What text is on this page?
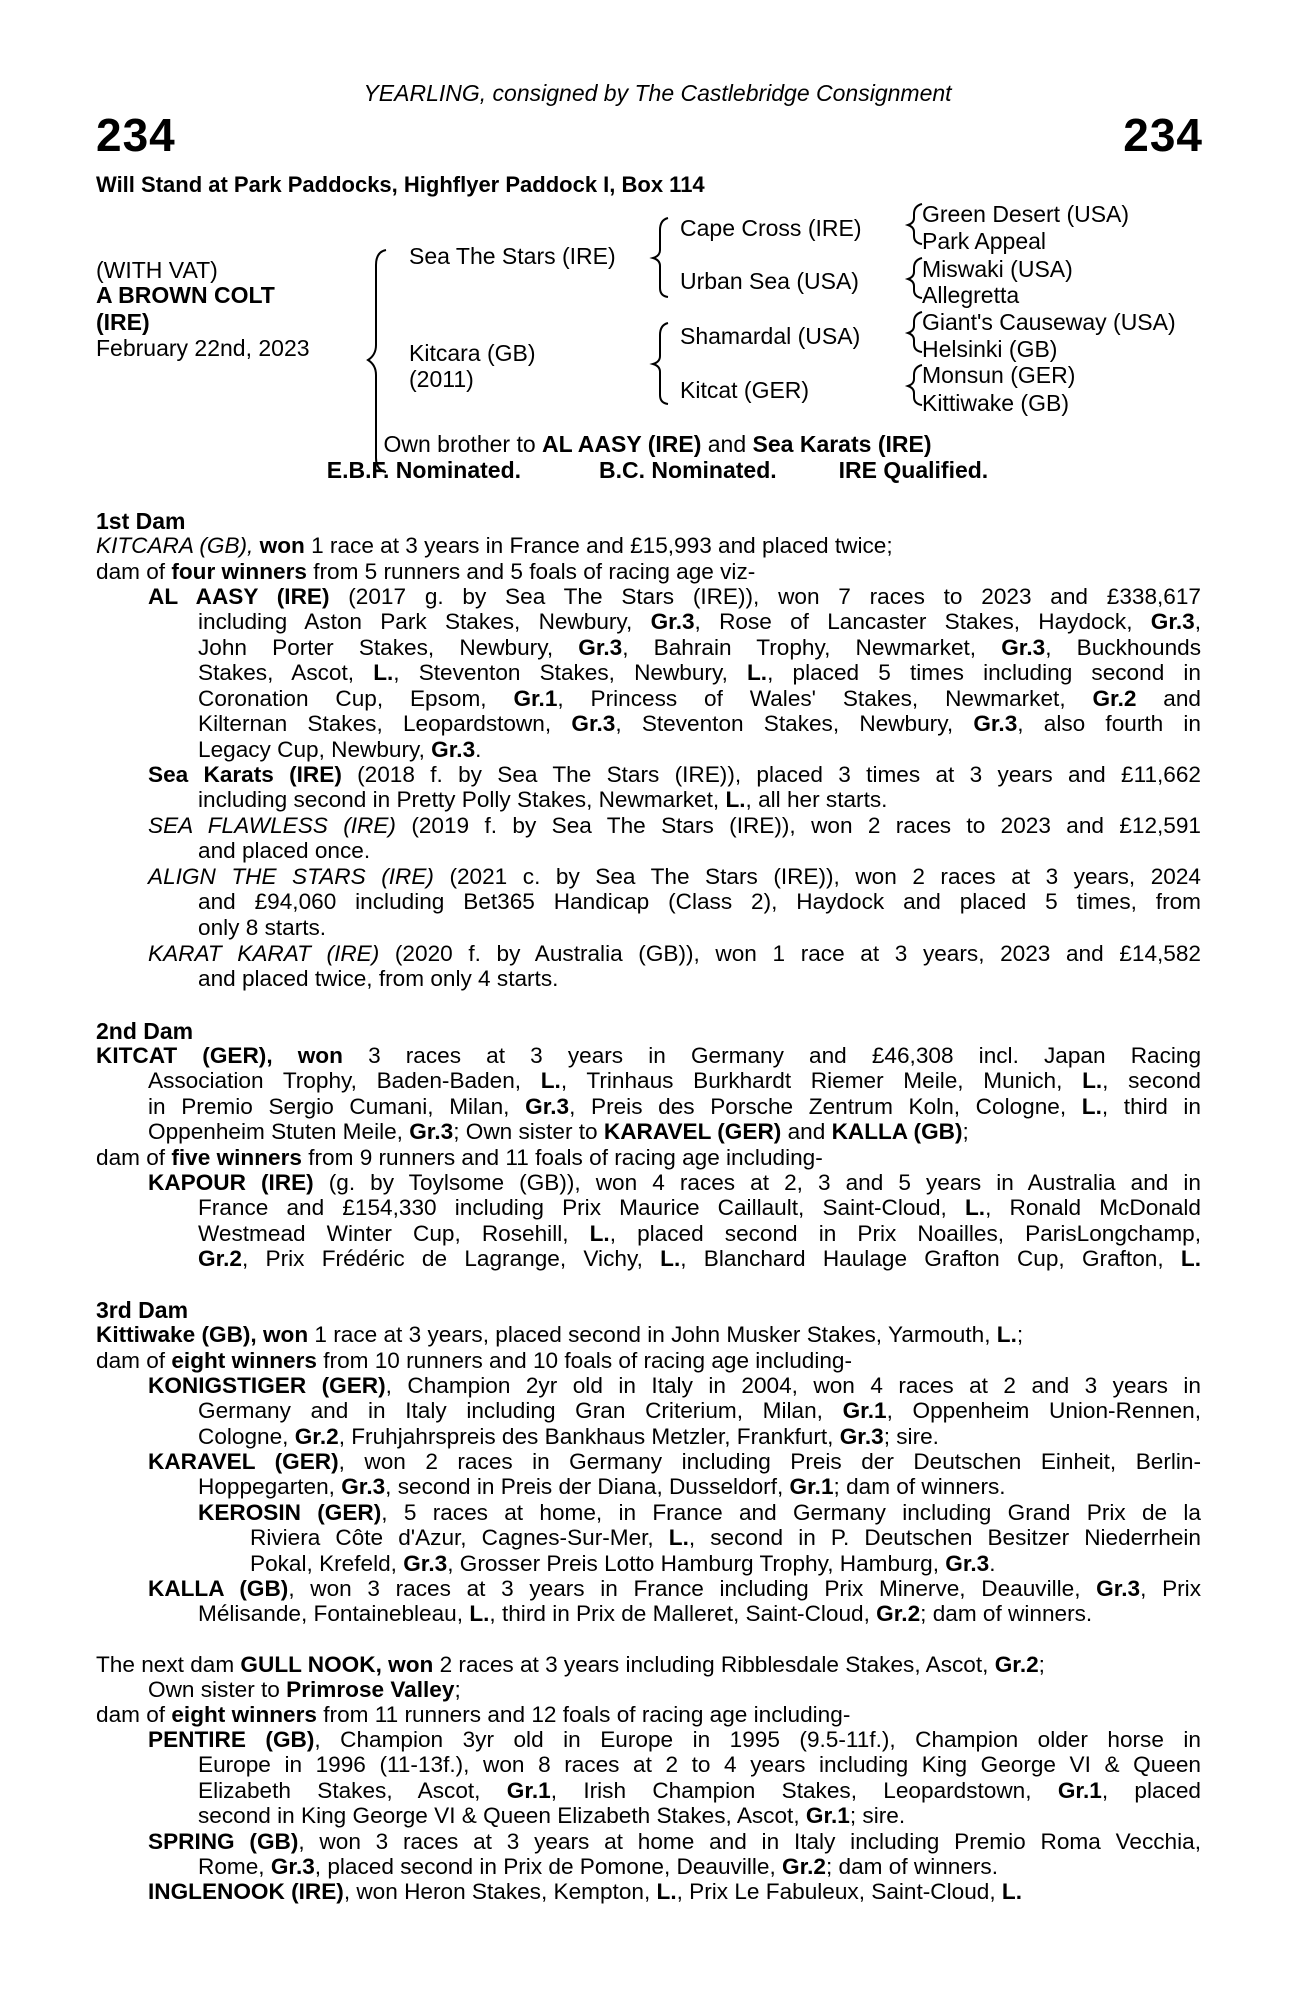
YEARLING, consigned by The Castlebridge Consignment
234	234
Will Stand at Park Paddocks, Highflyer Paddock I, Box 114
(WITH VAT)
A BROWN COLT
(IRE)
February 22nd, 2023
Sea The Stars (IRE)
Kitcara (GB)
(2011)
Cape Cross (IRE)
Urban Sea (USA)
Shamardal (USA)
Kitcat (GER)
Green Desert (USA)
Park Appeal
Miswaki (USA)
Allegretta
Giant's Causeway (USA)
Helsinki (GB)
Monsun (GER)
Kittiwake (GB)
Own brother to AL AASY (IRE) and Sea Karats (IRE)
E.B.F. Nominated.	B.C. Nominated.	IRE Qualified.
1st Dam
KITCARA (GB), won 1 race at 3 years in France and £15,993 and placed twice;
dam of four winners from 5 runners and 5 foals of racing age viz-
AL AASY (IRE) (2017 g. by Sea The Stars (IRE)), won 7 races to 2023 and £338,617
including Aston Park Stakes, Newbury, Gr.3, Rose of Lancaster Stakes, Haydock, Gr.3,
John Porter Stakes, Newbury, Gr.3, Bahrain Trophy, Newmarket, Gr.3, Buckhounds
Stakes, Ascot, L., Steventon Stakes, Newbury, L., placed 5 times including second in
Coronation Cup, Epsom, Gr.1, Princess of Wales' Stakes, Newmarket, Gr.2 and
Kilternan Stakes, Leopardstown, Gr.3, Steventon Stakes, Newbury, Gr.3, also fourth in
Legacy Cup, Newbury, Gr.3.
Sea Karats (IRE) (2018 f. by Sea The Stars (IRE)), placed 3 times at 3 years and £11,662
including second in Pretty Polly Stakes, Newmarket, L., all her starts.
SEA FLAWLESS (IRE) (2019 f. by Sea The Stars (IRE)), won 2 races to 2023 and £12,591
and placed once.
ALIGN THE STARS (IRE) (2021 c. by Sea The Stars (IRE)), won 2 races at 3 years, 2024
and £94,060 including Bet365 Handicap (Class 2), Haydock and placed 5 times, from
only 8 starts.
KARAT KARAT (IRE) (2020 f. by Australia (GB)), won 1 race at 3 years, 2023 and £14,582
and placed twice, from only 4 starts.
2nd Dam
KITCAT (GER), won 3 races at 3 years in Germany and £46,308 incl. Japan Racing
Association Trophy, Baden-Baden, L., Trinhaus Burkhardt Riemer Meile, Munich, L., second
in Premio Sergio Cumani, Milan, Gr.3, Preis des Porsche Zentrum Koln, Cologne, L., third in
Oppenheim Stuten Meile, Gr.3; Own sister to KARAVEL (GER) and KALLA (GB);
dam of five winners from 9 runners and 11 foals of racing age including-
KAPOUR (IRE) (g. by Toylsome (GB)), won 4 races at 2, 3 and 5 years in Australia and in
France and £154,330 including Prix Maurice Caillault, Saint-Cloud, L., Ronald McDonald
Westmead Winter Cup, Rosehill, L., placed second in Prix Noailles, ParisLongchamp,
Gr.2, Prix Frédéric de Lagrange, Vichy, L., Blanchard Haulage Grafton Cup, Grafton, L.
3rd Dam
Kittiwake (GB), won 1 race at 3 years, placed second in John Musker Stakes, Yarmouth, L.;
dam of eight winners from 10 runners and 10 foals of racing age including-
KONIGSTIGER (GER), Champion 2yr old in Italy in 2004, won 4 races at 2 and 3 years in
Germany and in Italy including Gran Criterium, Milan, Gr.1, Oppenheim Union-Rennen,
Cologne, Gr.2, Fruhjahrspreis des Bankhaus Metzler, Frankfurt, Gr.3; sire.
KARAVEL (GER), won 2 races in Germany including Preis der Deutschen Einheit, Berlin-
Hoppegarten, Gr.3, second in Preis der Diana, Dusseldorf, Gr.1; dam of winners.
KEROSIN (GER), 5 races at home, in France and Germany including Grand Prix de la
Riviera Côte d'Azur, Cagnes-Sur-Mer, L., second in P. Deutschen Besitzer Niederrhein
Pokal, Krefeld, Gr.3, Grosser Preis Lotto Hamburg Trophy, Hamburg, Gr.3.
KALLA (GB), won 3 races at 3 years in France including Prix Minerve, Deauville, Gr.3, Prix
Mélisande, Fontainebleau, L., third in Prix de Malleret, Saint-Cloud, Gr.2; dam of winners.
The next dam GULL NOOK, won 2 races at 3 years including Ribblesdale Stakes, Ascot, Gr.2;
Own sister to Primrose Valley;
dam of eight winners from 11 runners and 12 foals of racing age including-
PENTIRE (GB), Champion 3yr old in Europe in 1995 (9.5-11f.), Champion older horse in
Europe in 1996 (11-13f.), won 8 races at 2 to 4 years including King George VI & Queen
Elizabeth Stakes, Ascot, Gr.1, Irish Champion Stakes, Leopardstown, Gr.1, placed
second in King George VI & Queen Elizabeth Stakes, Ascot, Gr.1; sire.
SPRING (GB), won 3 races at 3 years at home and in Italy including Premio Roma Vecchia,
Rome, Gr.3, placed second in Prix de Pomone, Deauville, Gr.2; dam of winners.
INGLENOOK (IRE), won Heron Stakes, Kempton, L., Prix Le Fabuleux, Saint-Cloud, L.
